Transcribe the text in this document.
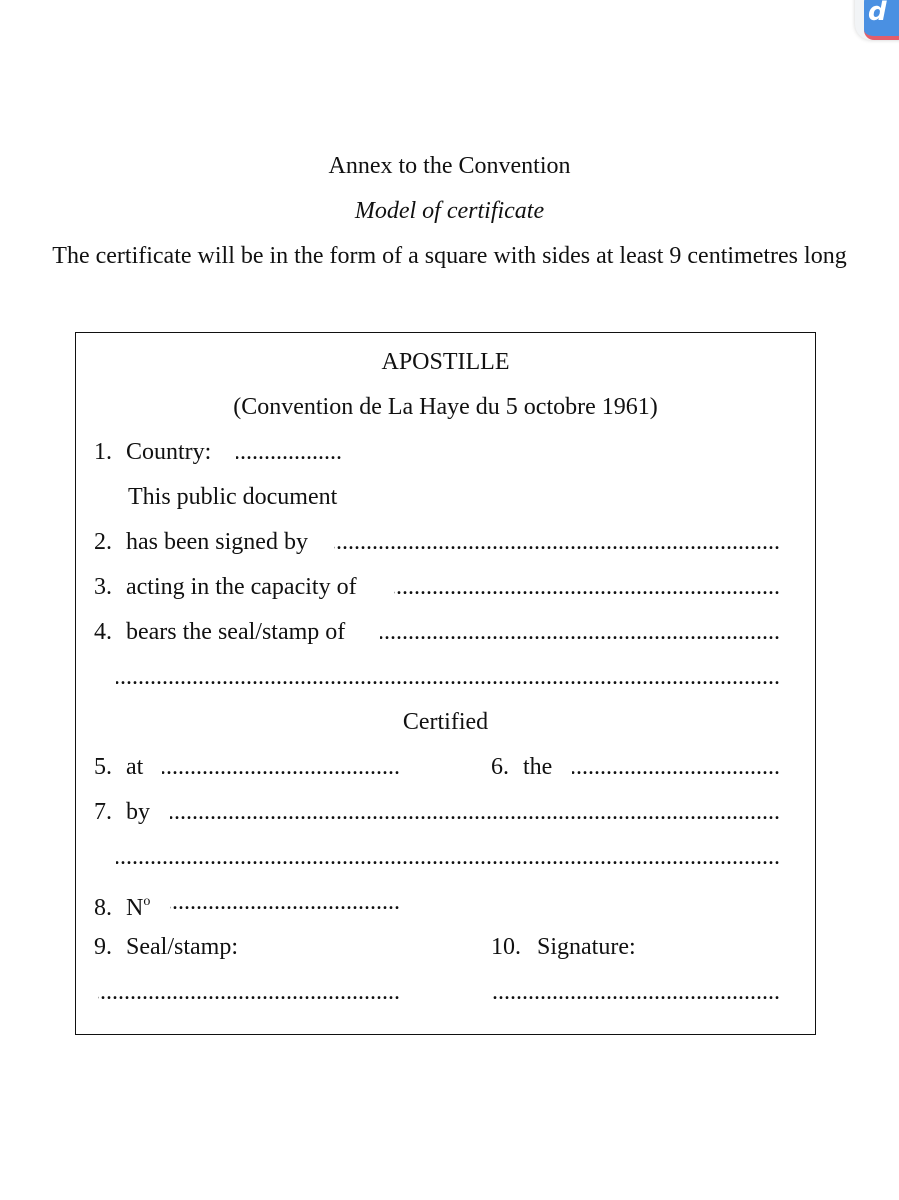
d
Annex to the Convention
Model of certificate
The certificate will be in the form of a square with sides at least 9 centimetres long
APOSTILLE
(Convention de La Haye du 5 octobre 1961)
1. Country:
.....
This public document
2. has been signed by
.....
3. acting in the capacity of
.....
4. bears the seal/stamp of
.....
.....
Certified
5. at
.....	6. the
.....
7. by
.....
.....
8. $N^o$
.....
9. Seal/stamp:	10. Signature:
.....
.....
